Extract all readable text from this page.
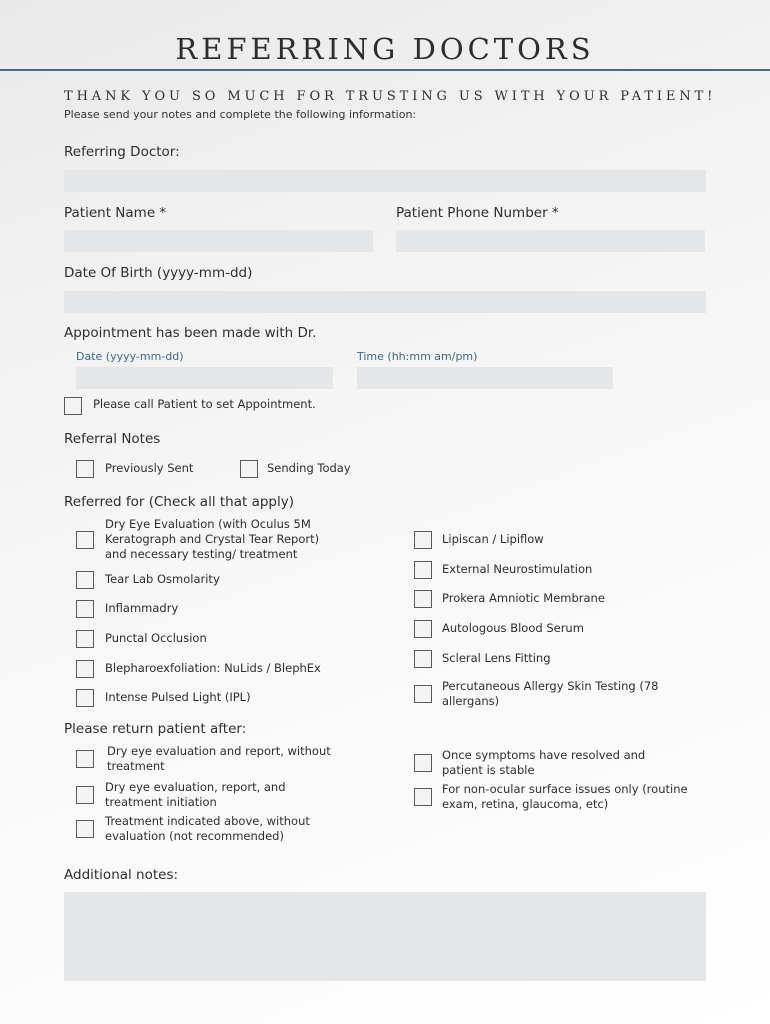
REFERRING DOCTORS
THANK YOU SO MUCH FOR TRUSTING US WITH YOUR PATIENT!
Please send your notes and complete the following information:
Referring Doctor:
Patient Name *	Patient Phone Number *
Date Of Birth (yyyy-mm-dd)
Appointment has been made with Dr.
Date (yyyy-mm-dd)	Time (hh:mm am/pm)
Please call Patient to set Appointment.
Referral Notes
Previously Sent	Sending Today
Referred for (Check all that apply)
Dry Eye Evaluation (with Oculus 5M Keratograph and Crystal Tear Report) and necessary testing/ treatment
Tear Lab Osmolarity
Inflammadry
Punctal Occlusion
Blepharoexfoliation: NuLids / BlephEx
Intense Pulsed Light (IPL)
Lipiscan / Lipiflow
External Neurostimulation
Prokera Amniotic Membrane
Autologous Blood Serum
Scleral Lens Fitting
Percutaneous Allergy Skin Testing (78 allergans)
Please return patient after:
Dry eye evaluation and report, without treatment
Dry eye evaluation, report, and treatment initiation
Treatment indicated above, without evaluation (not recommended)
Once symptoms have resolved and patient is stable
For non-ocular surface issues only (routine exam, retina, glaucoma, etc)
Additional notes:
